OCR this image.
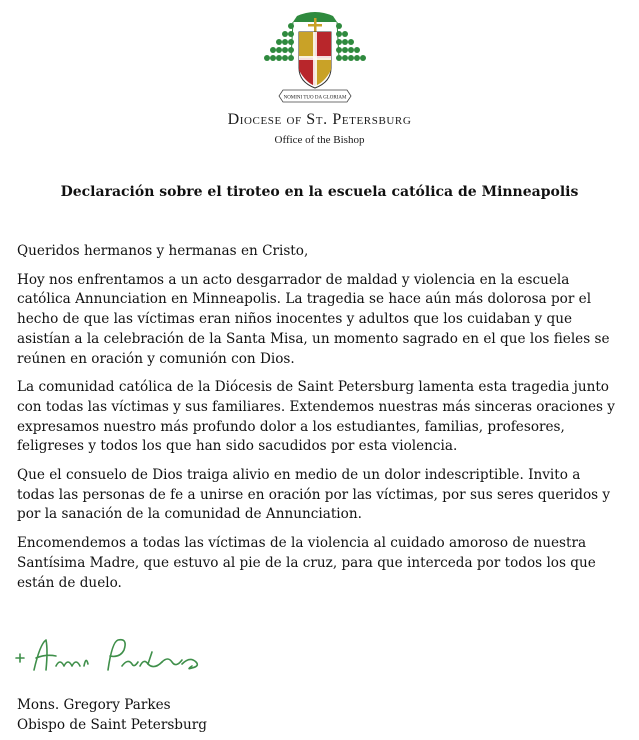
NOMINI TUO DA GLORIAM
Diocese of St. Petersburg
Office of the Bishop
Declaración sobre el tiroteo en la escuela católica de Minneapolis

Queridos hermanos y hermanas en Cristo,

Hoy nos enfrentamos a un acto desgarrador de maldad y violencia en la escuela católica Annunciation en Minneapolis. La tragedia se hace aún más dolorosa por el hecho de que las víctimas eran niños inocentes y adultos que los cuidaban y que asistían a la celebración de la Santa Misa, un momento sagrado en el que los fieles se reúnen en oración y comunión con Dios.

La comunidad católica de la Diócesis de Saint Petersburg lamenta esta tragedia junto con todas las víctimas y sus familiares. Extendemos nuestras más sinceras oraciones y expresamos nuestro más profundo dolor a los estudiantes, familias, profesores, feligreses y todos los que han sido sacudidos por esta violencia.

Que el consuelo de Dios traiga alivio en medio de un dolor indescriptible. Invito a todas las personas de fe a unirse en oración por las víctimas, por sus seres queridos y por la sanación de la comunidad de Annunciation.

Encomendemos a todas las víctimas de la violencia al cuidado amoroso de nuestra Santísima Madre, que estuvo al pie de la cruz, para que interceda por todos los que están de duelo.

Mons. Gregory Parkes
Obispo de Saint Petersburg
